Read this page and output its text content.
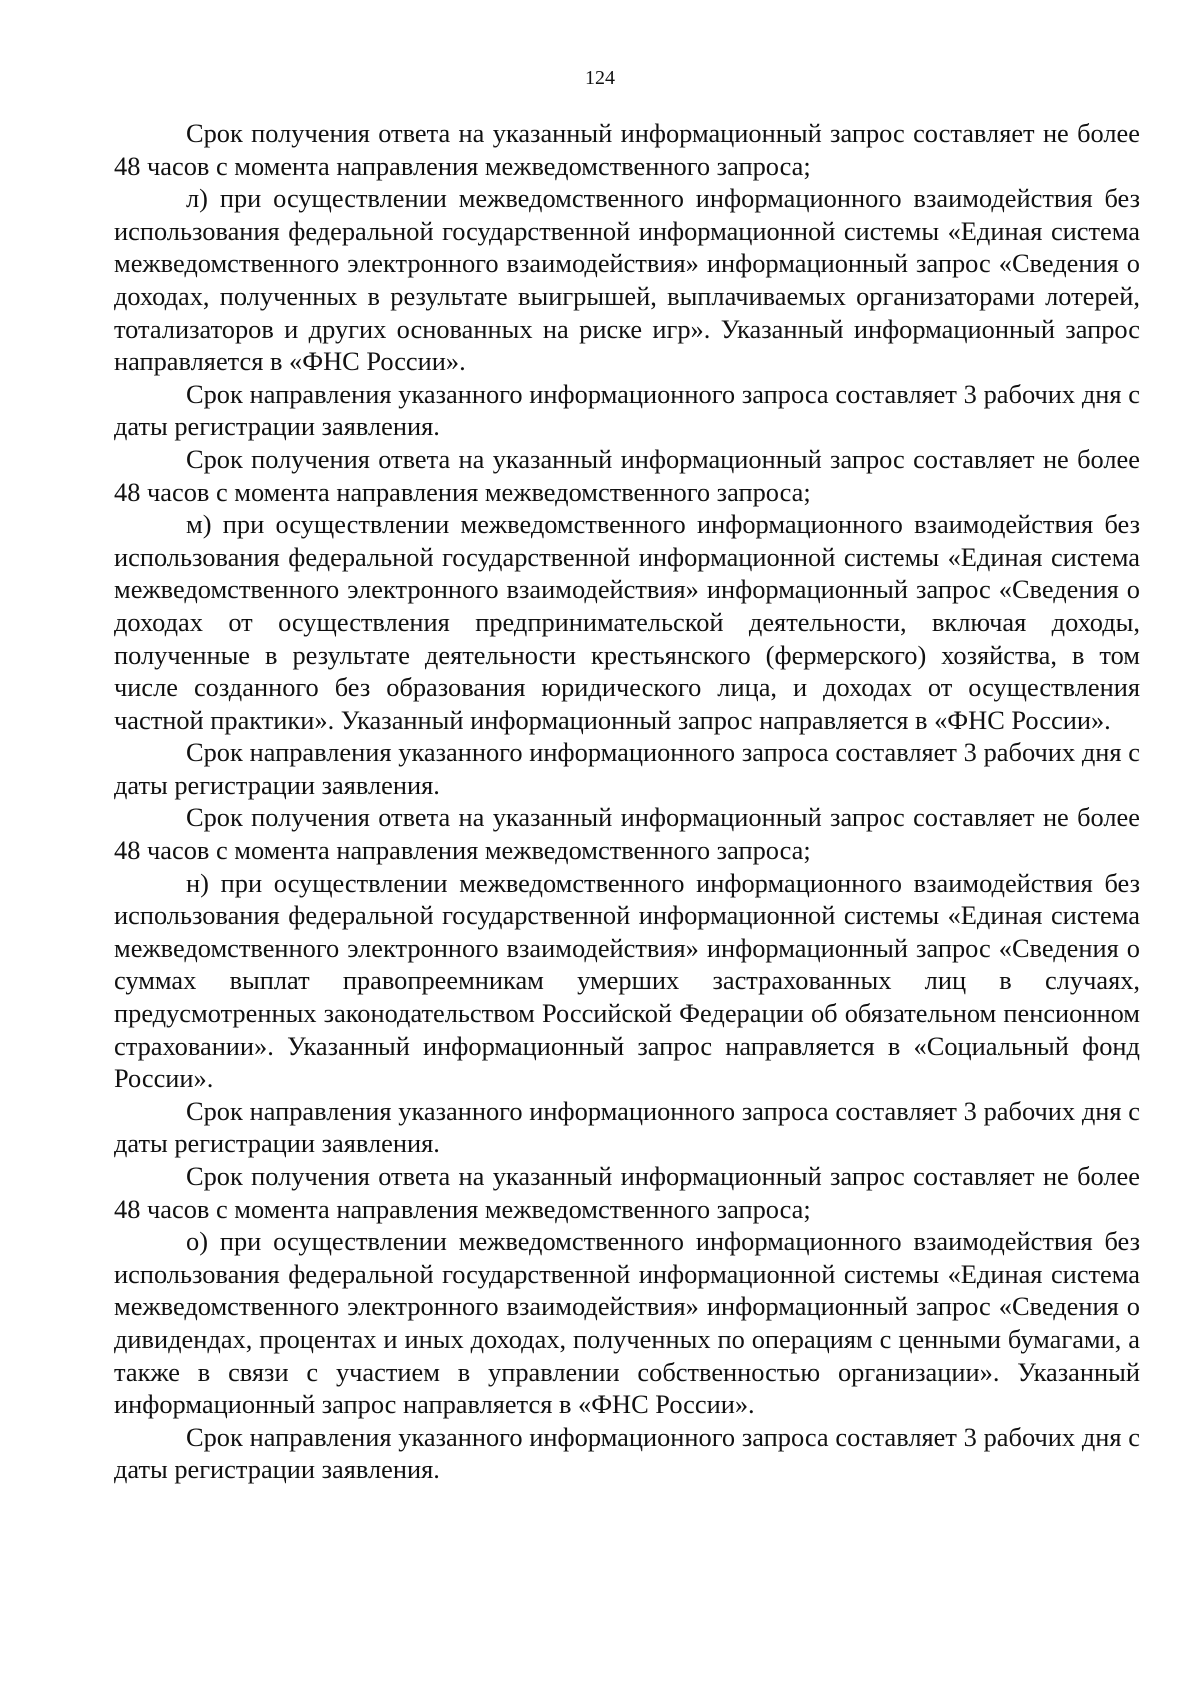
124

Срок получения ответа на указанный информационный запрос составляет не более 48 часов с момента направления межведомственного запроса;

л) при осуществлении межведомственного информационного взаимодействия без использования федеральной государственной информационной системы «Единая система межведомственного электронного взаимодействия» информационный запрос «Сведения о доходах, полученных в результате выигрышей, выплачиваемых организаторами лотерей, тотализаторов и других основанных на риске игр». Указанный информационный запрос направляется в «ФНС России».

Срок направления указанного информационного запроса составляет 3 рабочих дня с даты регистрации заявления.

Срок получения ответа на указанный информационный запрос составляет не более 48 часов с момента направления межведомственного запроса;

м) при осуществлении межведомственного информационного взаимодействия без использования федеральной государственной информационной системы «Единая система межведомственного электронного взаимодействия» информационный запрос «Сведения о доходах от осуществления предпринимательской деятельности, включая доходы, полученные в результате деятельности крестьянского (фермерского) хозяйства, в том числе созданного без образования юридического лица, и доходах от осуществления частной практики». Указанный информационный запрос направляется в «ФНС России».

Срок направления указанного информационного запроса составляет 3 рабочих дня с даты регистрации заявления.

Срок получения ответа на указанный информационный запрос составляет не более 48 часов с момента направления межведомственного запроса;

н) при осуществлении межведомственного информационного взаимодействия без использования федеральной государственной информационной системы «Единая система межведомственного электронного взаимодействия» информационный запрос «Сведения о суммах выплат правопреемникам умерших застрахованных лиц в случаях, предусмотренных законодательством Российской Федерации об обязательном пенсионном страховании». Указанный информационный запрос направляется в «Социальный фонд России».

Срок направления указанного информационного запроса составляет 3 рабочих дня с даты регистрации заявления.

Срок получения ответа на указанный информационный запрос составляет не более 48 часов с момента направления межведомственного запроса;

о) при осуществлении межведомственного информационного взаимодействия без использования федеральной государственной информационной системы «Единая система межведомственного электронного взаимодействия» информационный запрос «Сведения о дивидендах, процентах и иных доходах, полученных по операциям с ценными бумагами, а также в связи с участием в управлении собственностью организации». Указанный информационный запрос направляется в «ФНС России».

Срок направления указанного информационного запроса составляет 3 рабочих дня с даты регистрации заявления.
